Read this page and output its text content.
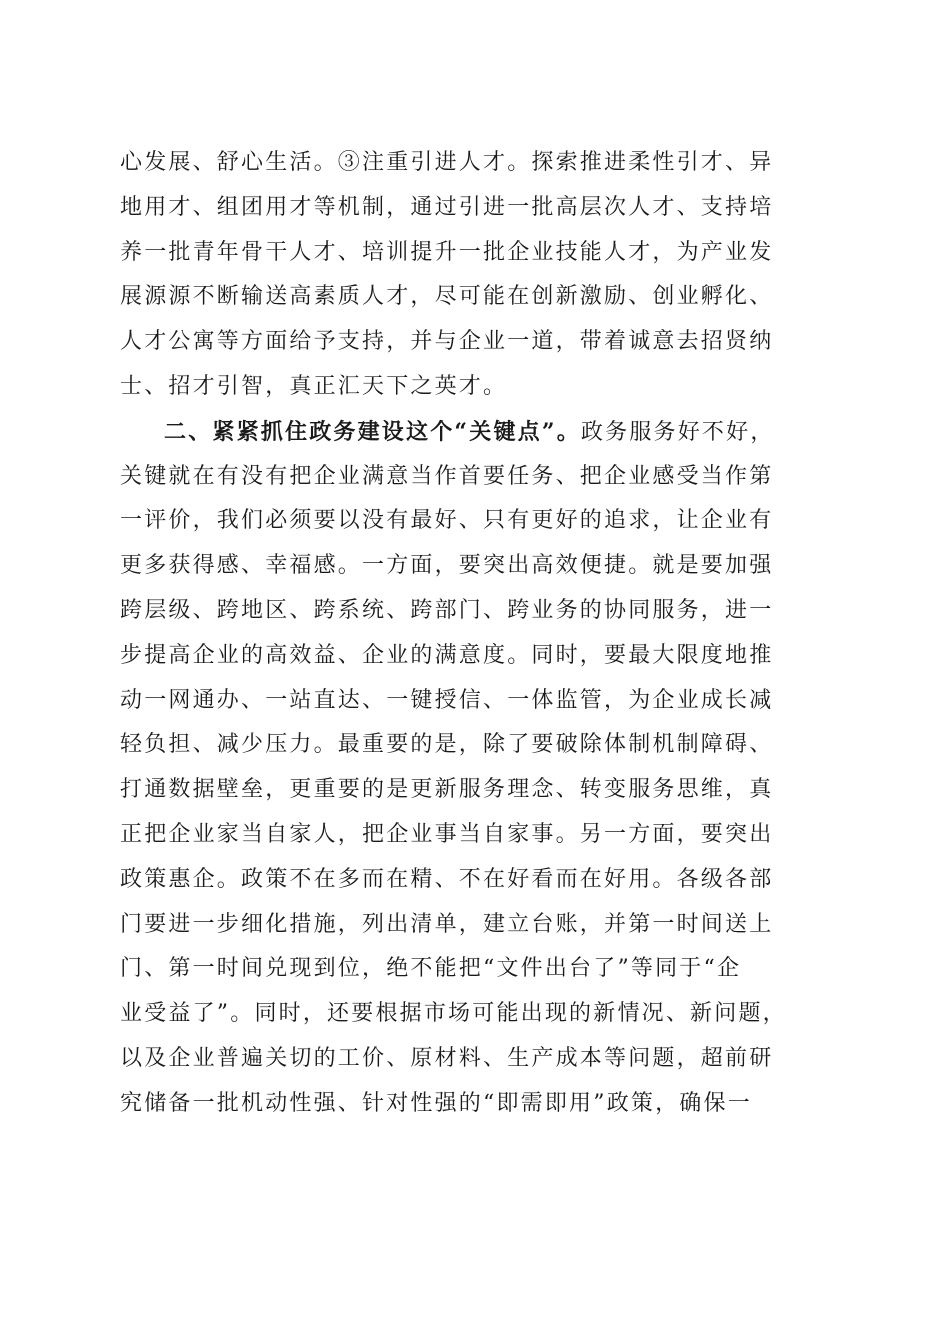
心发展、舒心生活。③注重引进人才。探索推进柔性引才、异
地用才、组团用才等机制，通过引进一批高层次人才、支持培
养一批青年骨干人才、培训提升一批企业技能人才，为产业发
展源源不断输送高素质人才，尽可能在创新激励、创业孵化、
人才公寓等方面给予支持，并与企业一道，带着诚意去招贤纳
士、招才引智，真正汇天下之英才。
二、紧紧抓住政务建设这个“关键点”。政务服务好不好，
关键就在有没有把企业满意当作首要任务、把企业感受当作第
一评价，我们必须要以没有最好、只有更好的追求，让企业有
更多获得感、幸福感。一方面，要突出高效便捷。就是要加强
跨层级、跨地区、跨系统、跨部门、跨业务的协同服务，进一
步提高企业的高效益、企业的满意度。同时，要最大限度地推
动一网通办、一站直达、一键授信、一体监管，为企业成长减
轻负担、减少压力。最重要的是，除了要破除体制机制障碍、
打通数据壁垒，更重要的是更新服务理念、转变服务思维，真
正把企业家当自家人，把企业事当自家事。另一方面，要突出
政策惠企。政策不在多而在精、不在好看而在好用。各级各部
门要进一步细化措施，列出清单，建立台账，并第一时间送上
门、第一时间兑现到位，绝不能把“文件出台了”等同于“企
业受益了”。同时，还要根据市场可能出现的新情况、新问题，
以及企业普遍关切的工价、原材料、生产成本等问题，超前研
究储备一批机动性强、针对性强的“即需即用”政策，确保一
